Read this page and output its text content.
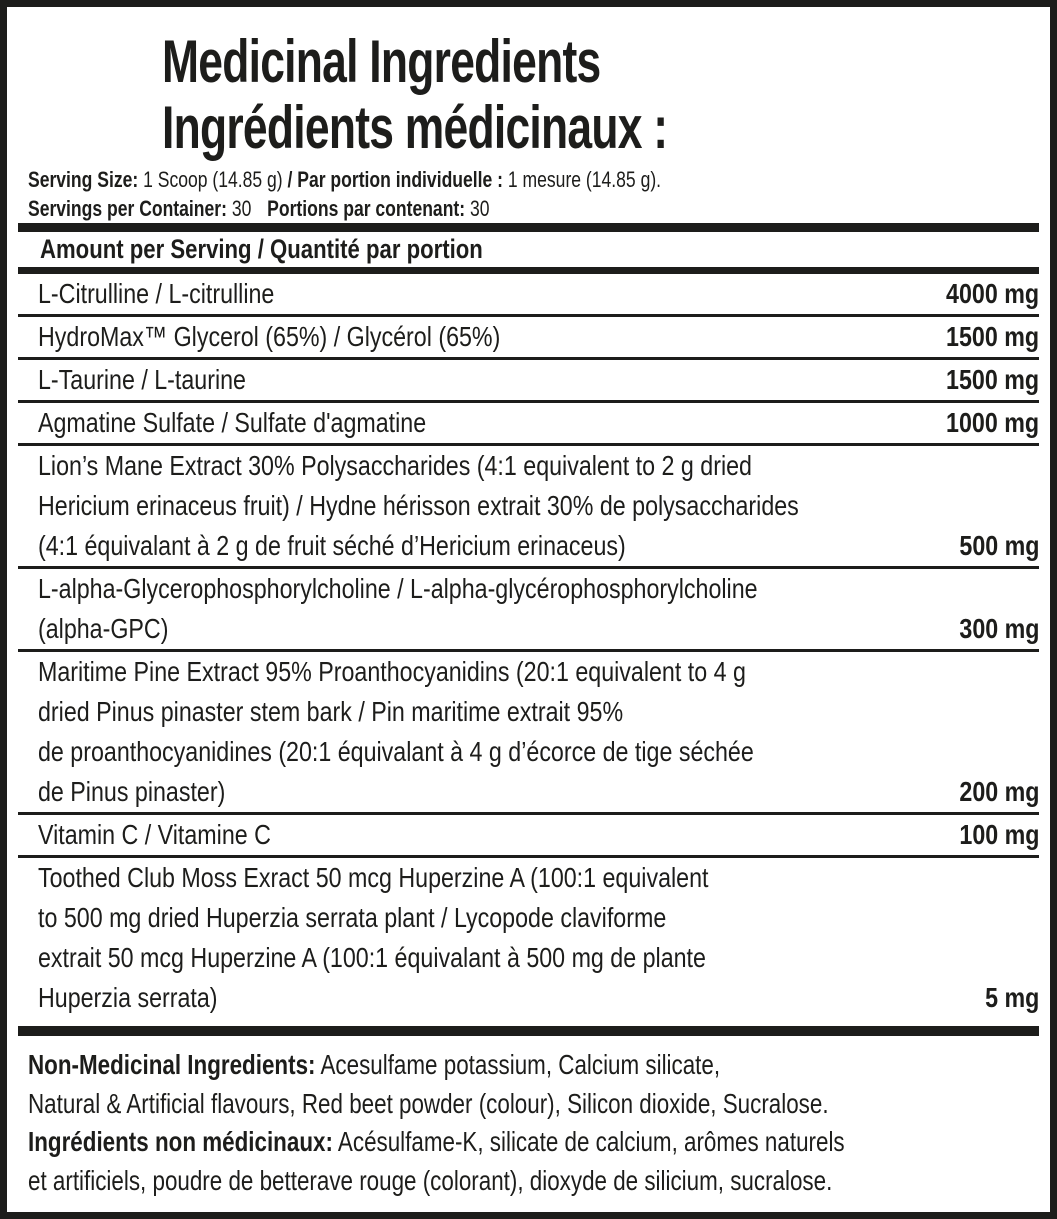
Medicinal Ingredients
Ingrédients médicinaux :
Serving Size: 1 Scoop (14.85 g) / Par portion individuelle : 1 mesure (14.85 g).
Servings per Container: 30 Portions par contenant: 30
Amount per Serving / Quantité par portion
L-Citrulline / L-citrulline	4000 mg
HydroMax™ Glycerol (65%) / Glycérol (65%)	1500 mg
L-Taurine / L-taurine	1500 mg
Agmatine Sulfate / Sulfate d'agmatine	1000 mg
Lion’s Mane Extract 30% Polysaccharides (4:1 equivalent to 2 g dried
Hericium erinaceus fruit) / Hydne hérisson extrait 30% de polysaccharides
(4:1 équivalant à 2 g de fruit séché d’Hericium erinaceus)	500 mg
L-alpha-Glycerophosphorylcholine / L-alpha-glycérophosphorylcholine
(alpha-GPC)	300 mg
Maritime Pine Extract 95% Proanthocyanidins (20:1 equivalent to 4 g
dried Pinus pinaster stem bark / Pin maritime extrait 95%
de proanthocyanidines (20:1 équivalant à 4 g d’écorce de tige séchée
de Pinus pinaster)	200 mg
Vitamin C / Vitamine C	100 mg
Toothed Club Moss Exract 50 mcg Huperzine A (100:1 equivalent
to 500 mg dried Huperzia serrata plant / Lycopode claviforme
extrait 50 mcg Huperzine A (100:1 équivalant à 500 mg de plante
Huperzia serrata)	5 mg
Non-Medicinal Ingredients: Acesulfame potassium, Calcium silicate,
Natural & Artificial flavours, Red beet powder (colour), Silicon dioxide, Sucralose.
Ingrédients non médicinaux: Acésulfame-K, silicate de calcium, arômes naturels
et artificiels, poudre de betterave rouge (colorant), dioxyde de silicium, sucralose.
